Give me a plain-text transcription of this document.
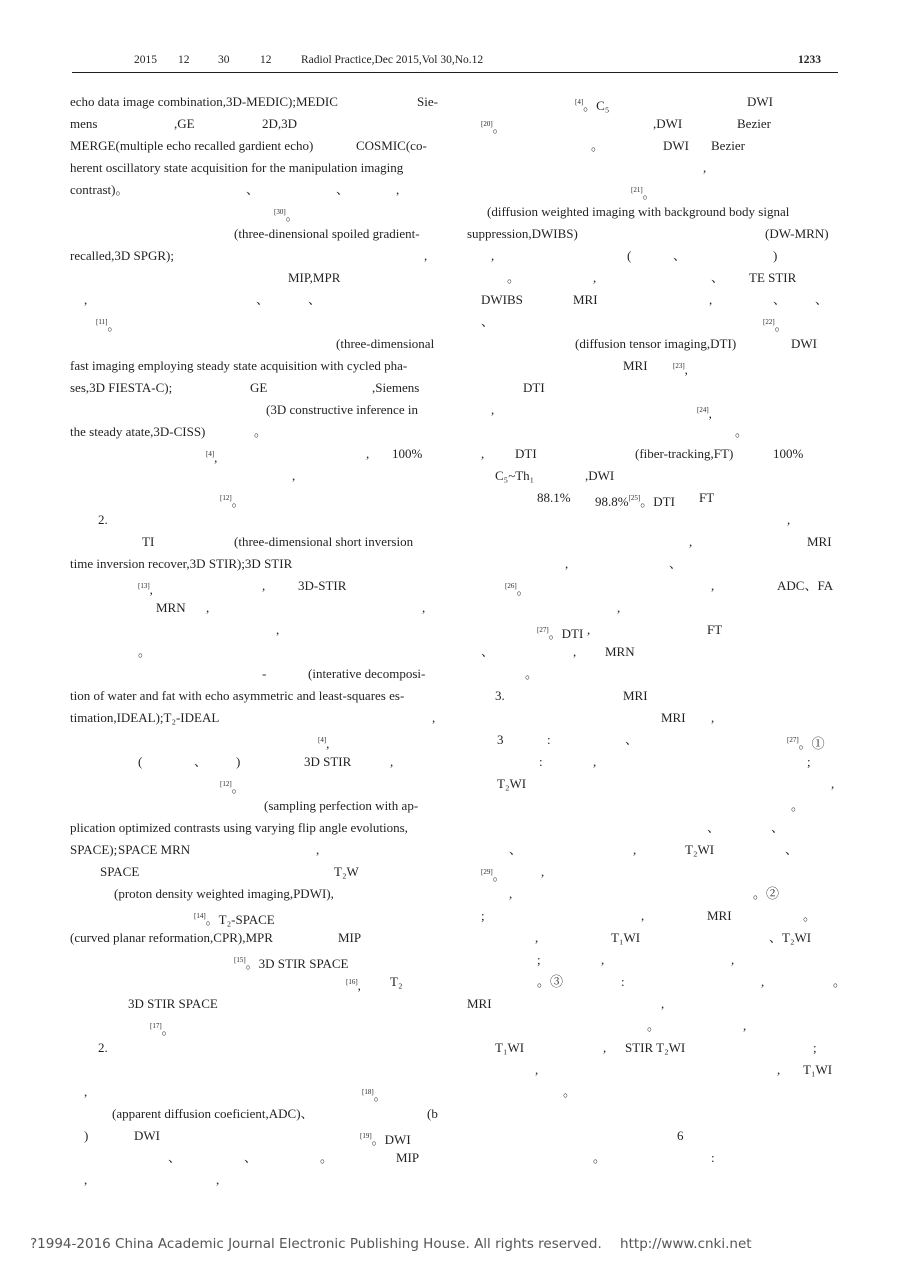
2015 12 30	12	Radiol Practice,Dec 2015,Vol 30,No.12	1233
echo data image combination,3D-MEDIC);MEDIC	Sie-
mens	,GE	2D,3D
MERGE(multiple echo recalled gardient echo)	COSMIC(co-
herent oscillatory state acquisition for the manipulation imaging
contrast)。	、	、	,
[30]。
(three-dinensional spoiled gradient-
recalled,3D SPGR);	,
MIP,MPR
,	、	、
[11]。
(three-dimensional
fast imaging employing steady state acquisition with cycled pha-
ses,3D FIESTA-C);	GE	,Siemens
(3D constructive inference in
the steady atate,3D-CISS)	。
[4],	, 100%
,
[12]。
2.
TI	(three-dimensional short inversion
time inversion recover,3D STIR);3D STIR
[13],	,	3D-STIR
MRN ,	,
,
。
-	(interative decomposi-
tion of water and fat with echo asymmetric and least-squares es-
timation,IDEAL);T₂-IDEAL	,
[4],
(	、 )	3D STIR	,
[12]。
(sampling perfection with ap-
plication optimized contrasts using varying flip angle evolutions,
SPACE); SPACE MRN	,
SPACE	T₂W
(proton density weighted imaging,PDWI),
[14]。T₂-SPACE
(curved planar reformation,CPR),MPR	MIP
[15]。3D STIR SPACE
[16], T₂
3D STIR SPACE
[17]。
2.
,	[18]。
(apparent diffusion coeficient,ADC)、	(b
)	DWI	[19]。DWI
、	、	。	MIP
,	,
[4]。C₅	DWI
[20]。	,DWI	Bezier
。	DWI Bezier
,
[21]。
(diffusion weighted imaging with background body signal
suppression,DWIBS)	(DW-MRN)
,	(	、	)
。	,	、 TE STIR
DWIBS	MRI	,	、 、
、	[22]。
(diffusion tensor imaging,DTI)	DWI
MRI	[23],
DTI
,	[24],
。
, DTI	(fiber-tracking,FT)	100%
C₅~Th₁	,DWI
88.1% 98.8%[25]。DTI FT
,
,	MRI
,	、
[26]。	,	ADC、FA
,
[27]。DTI	FT
,
、	, MRN
。
3.	MRI
MRI ,
3	:	、	[27]。①
:	,	;
T₂WI	,
。
、	、
、	,	T₂WI	、
[29]。	,
,	。②
;	,	MRI	。
,	T₁WI	、T₂WI
;	,	,
。③	:	,	。
MRI	,
。	,
T₁WI	, STIR T₂WI	;
,	, T₁WI
。
6
。	:
?1994-2016 China Academic Journal Electronic Publishing House. All rights reserved. http://www.cnki.net
